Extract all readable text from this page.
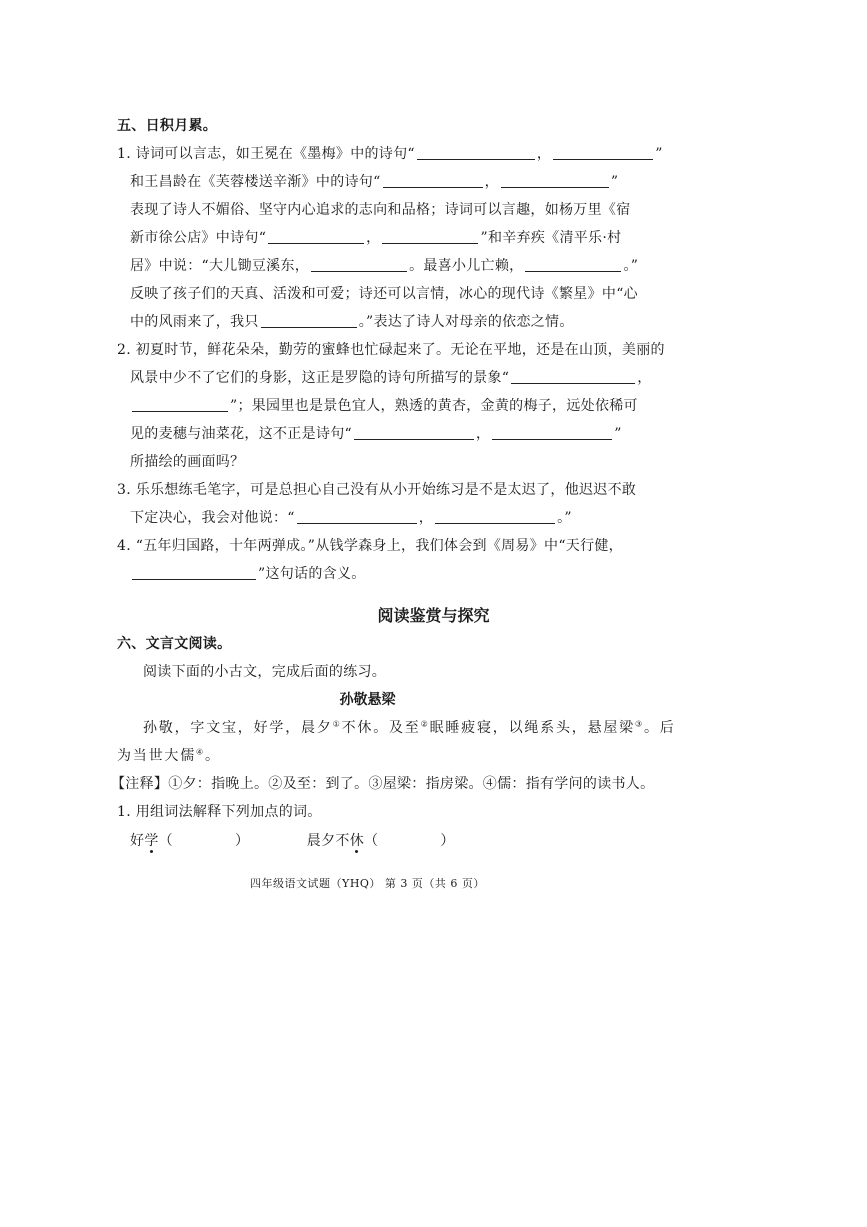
五、日积月累。
1. 诗词可以言志，如王冕在《墨梅》中的诗句“	，	”
和王昌龄在《芙蓉楼送辛渐》中的诗句“	，	”
表现了诗人不媚俗、坚守内心追求的志向和品格；诗词可以言趣，如杨万里《宿
新市徐公店》中诗句“	，	”和辛弃疾《清平乐·村
居》中说：“大儿锄豆溪东，	。最喜小儿亡赖，	。”
反映了孩子们的天真、活泼和可爱；诗还可以言情，冰心的现代诗《繁星》中“心
中的风雨来了，我只	。”表达了诗人对母亲的依恋之情。
2. 初夏时节，鲜花朵朵，勤劳的蜜蜂也忙碌起来了。无论在平地，还是在山顶，美丽的
风景中少不了它们的身影，这正是罗隐的诗句所描写的景象“	，
”；果园里也是景色宜人，熟透的黄杏，金黄的梅子，远处依稀可
见的麦穗与油菜花，这不正是诗句“	，	”
所描绘的画面吗？
3. 乐乐想练毛笔字，可是总担心自己没有从小开始练习是不是太迟了，他迟迟不敢
下定决心，我会对他说：“	，	。”
4. “五年归国路，十年两弹成。”从钱学森身上，我们体会到《周易》中“天行健，
”这句话的含义。
阅读鉴赏与探究
六、文言文阅读。
阅读下面的小古文，完成后面的练习。
孙敬悬梁
孙敬，字文宝，好学，晨夕①不休。及至②眠睡疲寝，以绳系头，悬屋梁③。后
为当世大儒④。
【注释】①夕：指晚上。②及至：到了。③屋梁：指房梁。④儒：指有学问的读书人。
1. 用组词法解释下列加点的词。
好学（	）	晨夕不休（	）
四年级语文试题（YHQ） 第 3 页（共 6 页）
